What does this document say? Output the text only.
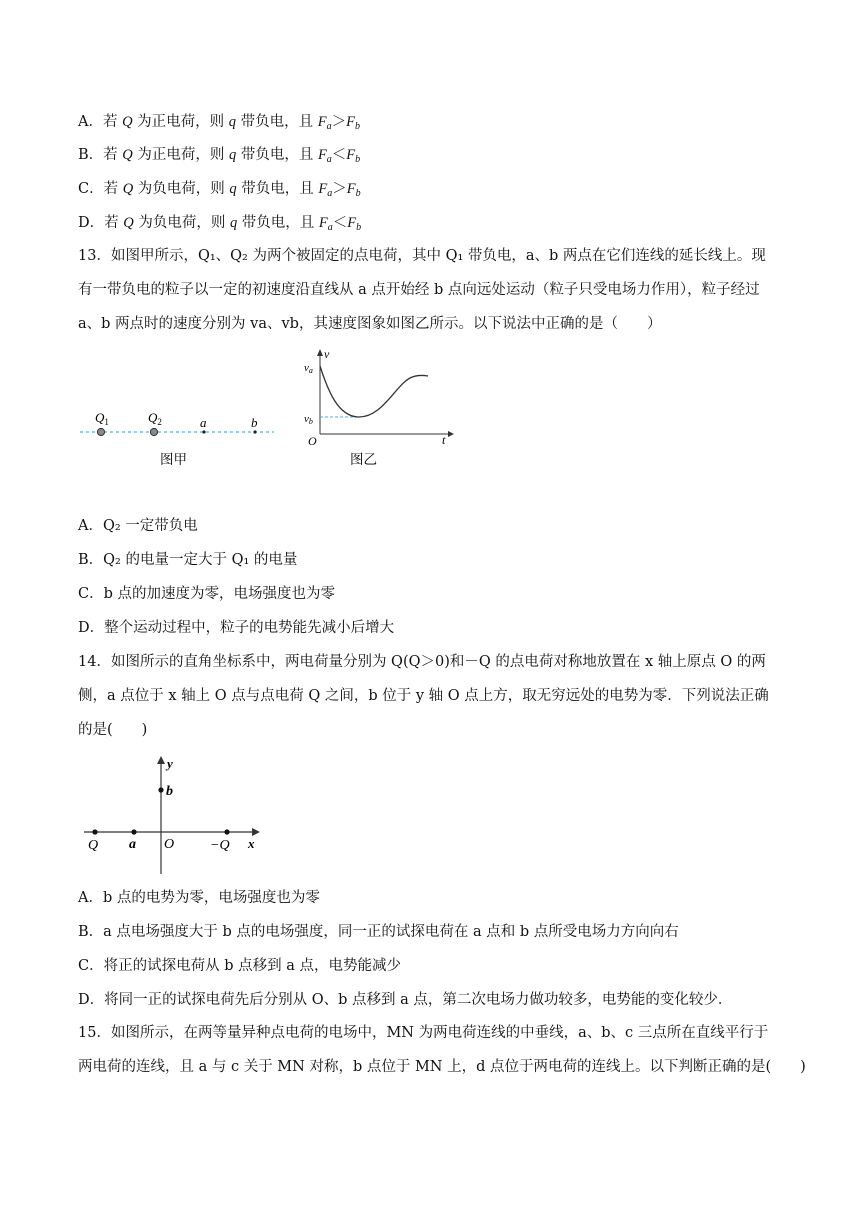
A．若 Q 为正电荷，则 q 带负电，且 $F_a>F_b$
B．若 Q 为正电荷，则 q 带负电，且 $F_a<F_b$
C．若 Q 为负电荷，则 q 带负电，且 $F_a>F_b$
D．若 Q 为负电荷，则 q 带负电，且 $F_a<F_b$
13．如图甲所示，Q₁、Q₂ 为两个被固定的点电荷，其中 Q₁ 带负电，a、b 两点在它们连线的延长线上。现
有一带负电的粒子以一定的初速度沿直线从 a 点开始经 b 点向远处运动（粒子只受电场力作用），粒子经过
a、b 两点时的速度分别为 va、vb，其速度图象如图乙所示。以下说法中正确的是（　　）
$Q_1$	$Q_2$	a	b
图甲
v
va
vb
O	t
图乙
A．Q₂ 一定带负电
B．Q₂ 的电量一定大于 Q₁ 的电量
C．b 点的加速度为零，电场强度也为零
D．整个运动过程中，粒子的电势能先减小后增大
14．如图所示的直角坐标系中，两电荷量分别为 Q(Q＞0)和－Q 的点电荷对称地放置在 x 轴上原点 O 的两
侧，a 点位于 x 轴上 O 点与点电荷 Q 之间，b 位于 y 轴 O 点上方，取无穷远处的电势为零．下列说法正确
的是(　　)
y
b
Q a O	−Q x
A．b 点的电势为零，电场强度也为零
B．a 点电场强度大于 b 点的电场强度，同一正的试探电荷在 a 点和 b 点所受电场力方向向右
C．将正的试探电荷从 b 点移到 a 点，电势能减少
D．将同一正的试探电荷先后分别从 O、b 点移到 a 点，第二次电场力做功较多，电势能的变化较少．
15．如图所示，在两等量异种点电荷的电场中，MN 为两电荷连线的中垂线，a、b、c 三点所在直线平行于
两电荷的连线，且 a 与 c 关于 MN 对称，b 点位于 MN 上，d 点位于两电荷的连线上。以下判断正确的是(　　)
